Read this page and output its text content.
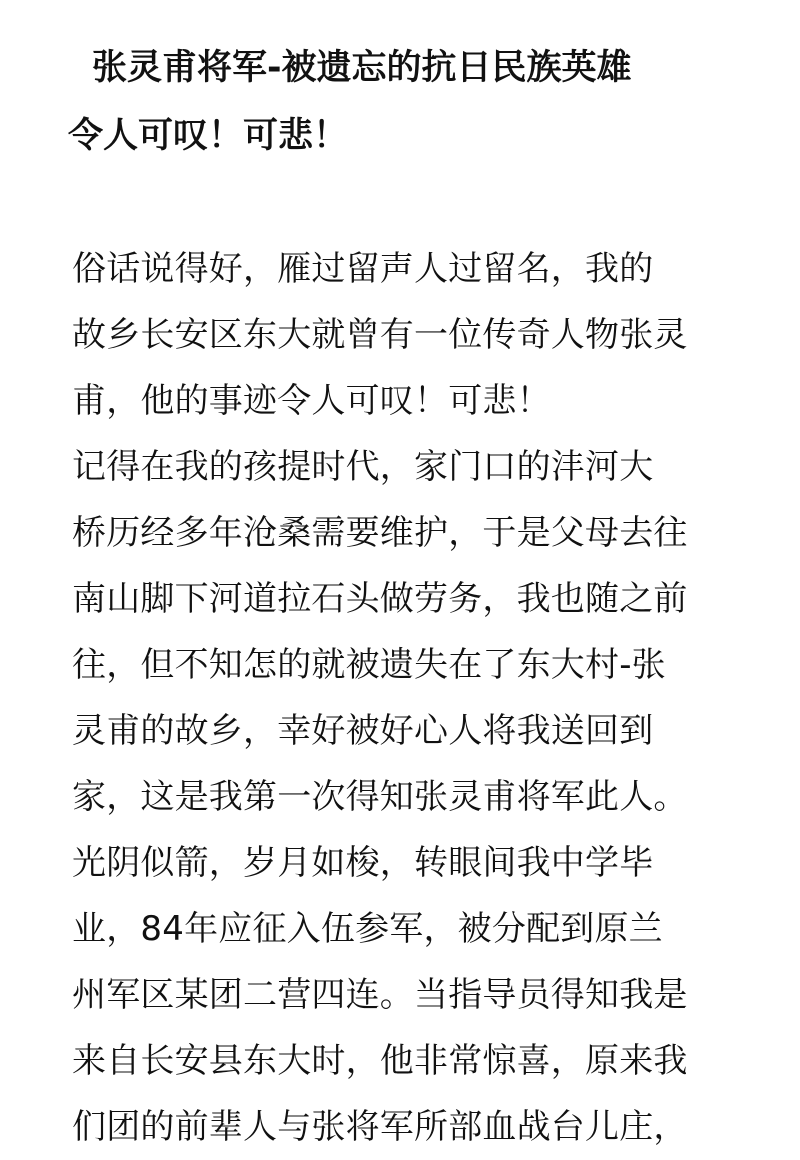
张灵甫将军-被遗忘的抗日民族英雄
令人可叹！可悲！
俗话说得好，雁过留声人过留名，我的
故乡长安区东大就曾有一位传奇人物张灵
甫，他的事迹令人可叹！可悲！
记得在我的孩提时代，家门口的沣河大
桥历经多年沧桑需要维护，于是父母去往
南山脚下河道拉石头做劳务，我也随之前
往，但不知怎的就被遗失在了东大村-张
灵甫的故乡，幸好被好心人将我送回到
家，这是我第一次得知张灵甫将军此人。
光阴似箭，岁月如梭，转眼间我中学毕
业，84年应征入伍参军，被分配到原兰
州军区某团二营四连。当指导员得知我是
来自长安县东大时，他非常惊喜，原来我
们团的前辈人与张将军所部血战台儿庄，
